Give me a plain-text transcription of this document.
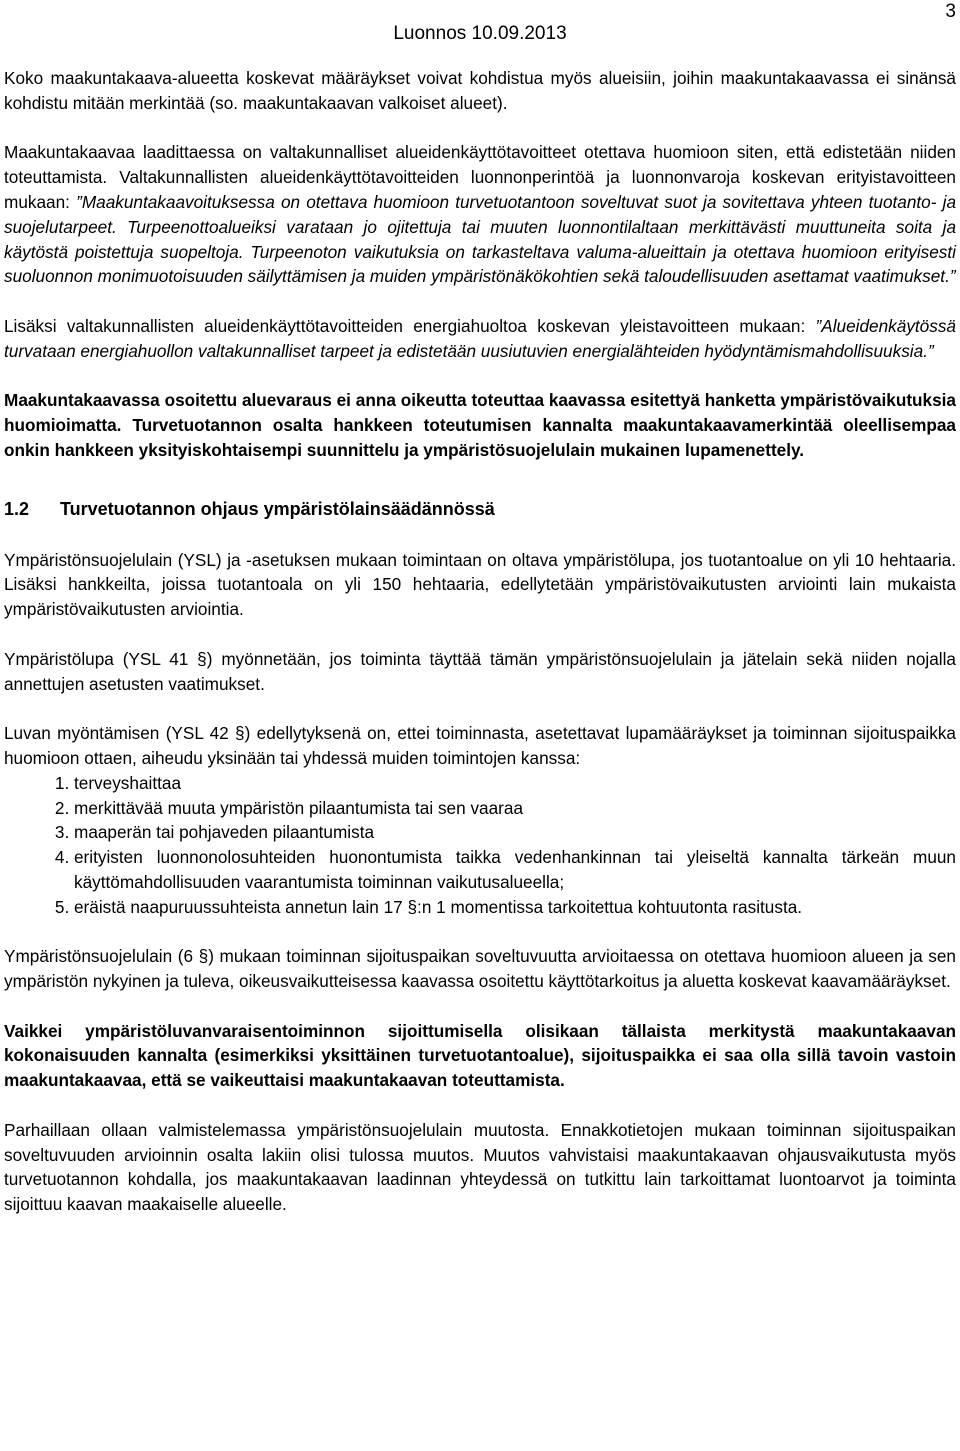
Luonnos 10.09.2013
3

Koko maakuntakaava-alueetta koskevat määräykset voivat kohdistua myös alueisiin, joihin maakuntakaavassa ei sinänsä kohdistu mitään merkintää (so. maakuntakaavan valkoiset alueet).

Maakuntakaavaa laadittaessa on valtakunnalliset alueidenkäyttötavoitteet otettava huomioon siten, että edistetään niiden toteuttamista. Valtakunnallisten alueidenkäyttötavoitteiden luonnonperintöä ja luonnonvaroja koskevan erityistavoitteen mukaan: ”Maakuntakaavoituksessa on otettava huomioon turvetuotantoon soveltuvat suot ja sovitettava yhteen tuotanto- ja suojelutarpeet. Turpeenottoalueiksi varataan jo ojitettuja tai muuten luonnontilaltaan merkittävästi muuttuneita soita ja käytöstä poistettuja suopeltoja. Turpeenoton vaikutuksia on tarkasteltava valuma-alueittain ja otettava huomioon erityisesti suoluonnon monimuotoisuuden säilyttämisen ja muiden ympäristönäkökohtien sekä taloudellisuuden asettamat vaatimukset.”

Lisäksi valtakunnallisten alueidenkäyttötavoitteiden energiahuoltoa koskevan yleistavoitteen mukaan: ”Alueidenkäytössä turvataan energiahuollon valtakunnalliset tarpeet ja edistetään uusiutuvien energialähteiden hyödyntämismahdollisuuksia.”

Maakuntakaavassa osoitettu aluevaraus ei anna oikeutta toteuttaa kaavassa esitettyä hanketta ympäristövaikutuksia huomioimatta. Turvetuotannon osalta hankkeen toteutumisen kannalta maakuntakaavamerkintää oleellisempaa onkin hankkeen yksityiskohtaisempi suunnittelu ja ympäristösuojelulain mukainen lupamenettely.

1.2 Turvetuotannon ohjaus ympäristölainsäädännössä

Ympäristönsuojelulain (YSL) ja -asetuksen mukaan toimintaan on oltava ympäristölupa, jos tuotantoalue on yli 10 hehtaaria. Lisäksi hankkeilta, joissa tuotantoala on yli 150 hehtaaria, edellytetään ympäristövaikutusten arviointi lain mukaista ympäristövaikutusten arviointia.

Ympäristölupa (YSL 41 §) myönnetään, jos toiminta täyttää tämän ympäristönsuojelulain ja jätelain sekä niiden nojalla annettujen asetusten vaatimukset.

Luvan myöntämisen (YSL 42 §) edellytyksenä on, ettei toiminnasta, asetettavat lupamääräykset ja toiminnan sijoituspaikka huomioon ottaen, aiheudu yksinään tai yhdessä muiden toimintojen kanssa:

1. terveyshaittaa
2. merkittävää muuta ympäristön pilaantumista tai sen vaaraa
3. maaperän tai pohjaveden pilaantumista
4. erityisten luonnonolosuhteiden huonontumista taikka vedenhankinnan tai yleiseltä kannalta tärkeän muun käyttömahdollisuuden vaarantumista toiminnan vaikutusalueella;
5. eräistä naapuruussuhteista annetun lain 17 §:n 1 momentissa tarkoitettua kohtuutonta rasitusta.

Ympäristönsuojelulain (6 §) mukaan toiminnan sijoituspaikan soveltuvuutta arvioitaessa on otettava huomioon alueen ja sen ympäristön nykyinen ja tuleva, oikeusvaikutteisessa kaavassa osoitettu käyttötarkoitus ja aluetta koskevat kaavamääräykset.

Vaikkei ympäristöluvanvaraisentoiminnon sijoittumisella olisikaan tällaista merkitystä maakuntakaavan kokonaisuuden kannalta (esimerkiksi yksittäinen turvetuotantoalue), sijoituspaikka ei saa olla sillä tavoin vastoin maakuntakaavaa, että se vaikeuttaisi maakuntakaavan toteuttamista.

Parhaillaan ollaan valmistelemassa ympäristönsuojelulain muutosta. Ennakkotietojen mukaan toiminnan sijoituspaikan soveltuvuuden arvioinnin osalta lakiin olisi tulossa muutos. Muutos vahvistaisi maakuntakaavan ohjausvaikutusta myös turvetuotannon kohdalla, jos maakuntakaavan laadinnan yhteydessä on tutkittu lain tarkoittamat luontoarvot ja toiminta sijoittuu kaavan maakaiselle alueelle.
